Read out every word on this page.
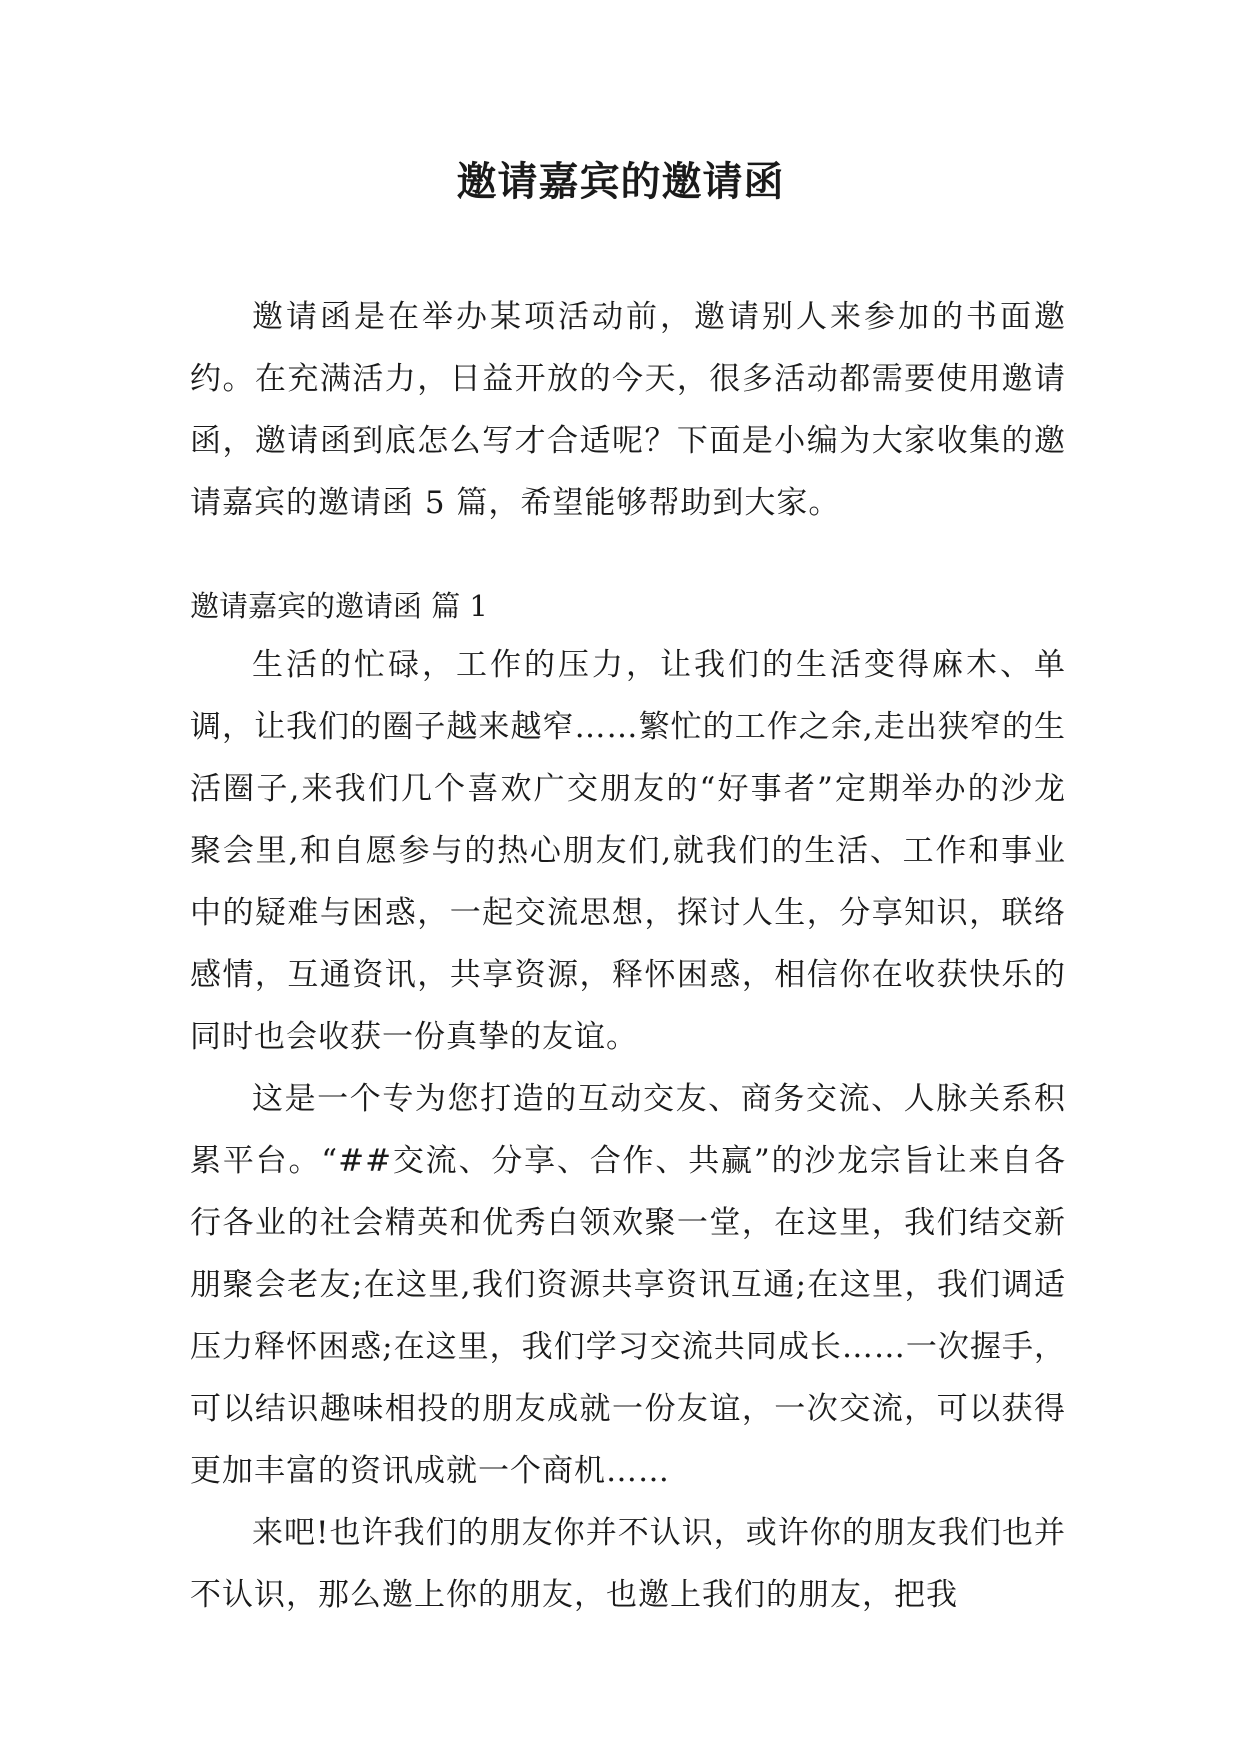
邀请嘉宾的邀请函

邀请函是在举办某项活动前，邀请别人来参加的书面邀约。在充满活力，日益开放的今天，很多活动都需要使用邀请函，邀请函到底怎么写才合适呢？下面是小编为大家收集的邀请嘉宾的邀请函 5 篇，希望能够帮助到大家。

邀请嘉宾的邀请函 篇 1

生活的忙碌，工作的压力，让我们的生活变得麻木、单调，让我们的圈子越来越窄……繁忙的工作之余,走出狭窄的生活圈子,来我们几个喜欢广交朋友的“好事者”定期举办的沙龙聚会里,和自愿参与的热心朋友们,就我们的生活、工作和事业中的疑难与困惑，一起交流思想，探讨人生，分享知识，联络感情，互通资讯，共享资源，释怀困惑，相信你在收获快乐的同时也会收获一份真挚的友谊。

这是一个专为您打造的互动交友、商务交流、人脉关系积累平台。“##交流、分享、合作、共赢”的沙龙宗旨让来自各行各业的社会精英和优秀白领欢聚一堂，在这里，我们结交新朋聚会老友;在这里,我们资源共享资讯互通;在这里，我们调适压力释怀困惑;在这里，我们学习交流共同成长……一次握手，可以结识趣味相投的朋友成就一份友谊，一次交流，可以获得更加丰富的资讯成就一个商机……

来吧!也许我们的朋友你并不认识，或许你的朋友我们也并不认识，那么邀上你的朋友，也邀上我们的朋友，把我
